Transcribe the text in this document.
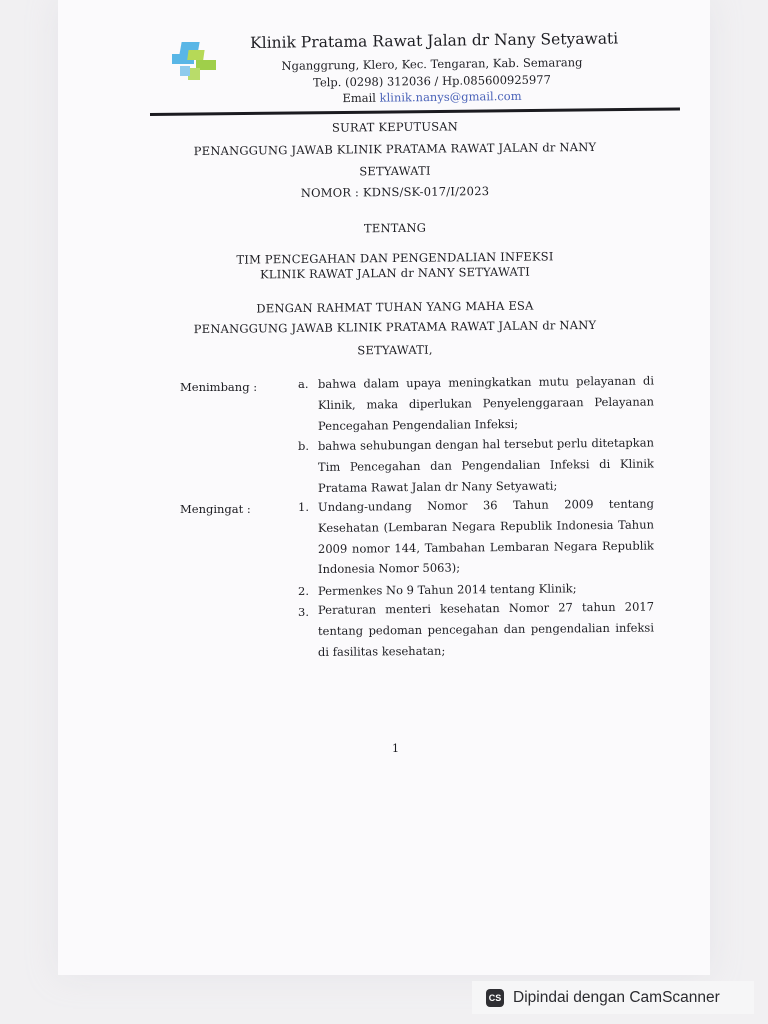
Klinik Pratama Rawat Jalan dr Nany Setyawati
Nganggrung, Klero, Kec. Tengaran, Kab. Semarang
Telp. (0298) 312036 / Hp.085600925977
Email klinik.nanys@gmail.com
SURAT KEPUTUSAN
PENANGGUNG JAWAB KLINIK PRATAMA RAWAT JALAN dr NANY
SETYAWATI
NOMOR : KDNS/SK-017/I/2023
TENTANG
TIM PENCEGAHAN DAN PENGENDALIAN INFEKSI
KLINIK RAWAT JALAN dr NANY SETYAWATI
DENGAN RAHMAT TUHAN YANG MAHA ESA
PENANGGUNG JAWAB KLINIK PRATAMA RAWAT JALAN dr NANY
SETYAWATI,
Menimbang :	a. bahwa dalam upaya meningkatkan mutu pelayanan di
Klinik, maka diperlukan Penyelenggaraan Pelayanan
Pencegahan Pengendalian Infeksi;
b. bahwa sehubungan dengan hal tersebut perlu ditetapkan
Tim Pencegahan dan Pengendalian Infeksi di Klinik
Pratama Rawat Jalan dr Nany Setyawati;
Mengingat :	1. Undang-undang Nomor 36 Tahun 2009 tentang
Kesehatan (Lembaran Negara Republik Indonesia Tahun
2009 nomor 144, Tambahan Lembaran Negara Republik
Indonesia Nomor 5063);
2. Permenkes No 9 Tahun 2014 tentang Klinik;
3. Peraturan menteri kesehatan Nomor 27 tahun 2017
tentang pedoman pencegahan dan pengendalian infeksi
di fasilitas kesehatan;
1
CS Dipindai dengan CamScanner
